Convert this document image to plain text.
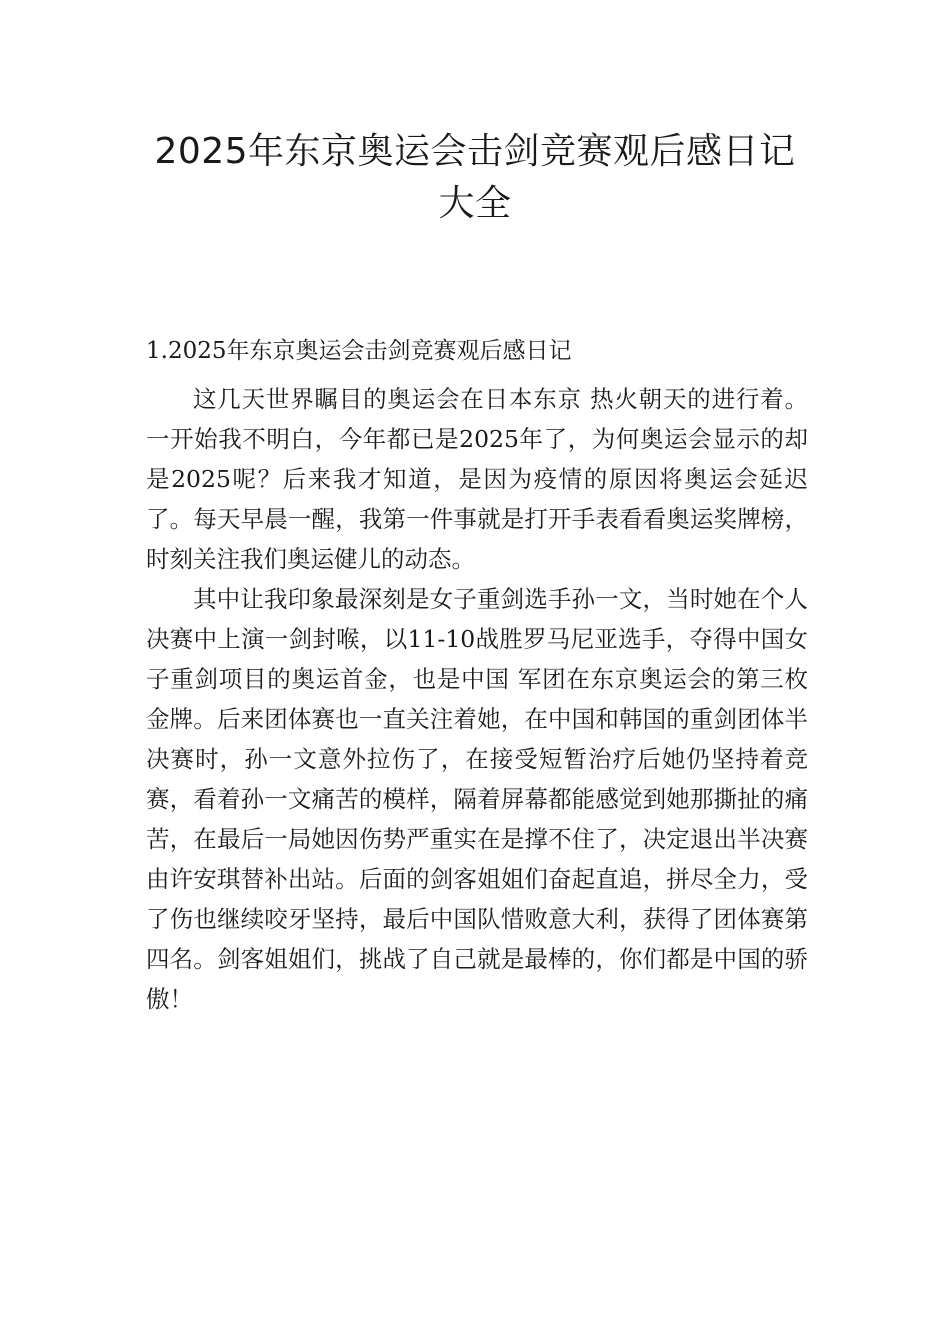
2025年东京奥运会击剑竞赛观后感日记大全
1.2025年东京奥运会击剑竞赛观后感日记

这几天世界瞩目的奥运会在日本东京 热火朝天的进行着。一开始我不明白，今年都已是2025年了，为何奥运会显示的却是2025呢？后来我才知道，是因为疫情的原因将奥运会延迟了。每天早晨一醒，我第一件事就是打开手表看看奥运奖牌榜，时刻关注我们奥运健儿的动态。

其中让我印象最深刻是女子重剑选手孙一文，当时她在个人决赛中上演一剑封喉，以11-10战胜罗马尼亚选手，夺得中国女子重剑项目的奥运首金，也是中国 军团在东京奥运会的第三枚金牌。后来团体赛也一直关注着她，在中国和韩国的重剑团体半决赛时，孙一文意外拉伤了，在接受短暂治疗后她仍坚持着竞赛，看着孙一文痛苦的模样，隔着屏幕都能感觉到她那撕扯的痛苦，在最后一局她因伤势严重实在是撑不住了，决定退出半决赛由许安琪替补出站。后面的剑客姐姐们奋起直追，拼尽全力，受了伤也继续咬牙坚持，最后中国队惜败意大利，获得了团体赛第四名。剑客姐姐们，挑战了自己就是最棒的，你们都是中国的骄傲！
